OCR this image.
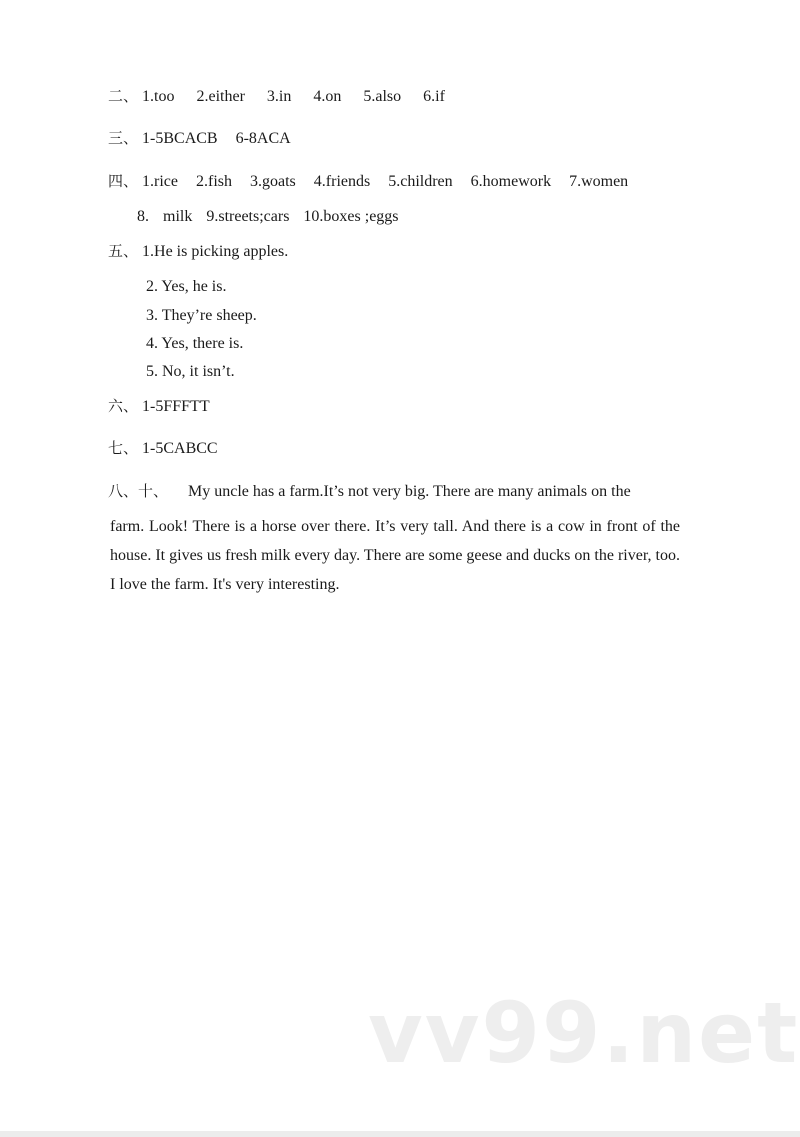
二、 1.too 2.either 3.in 4.on 5.also 6.if
三、 1-5BCACB 6-8ACA
四、 1.rice 2.fish 3.goats 4.friends 5.children 6.homework 7.women
8. milk 9.streets;cars 10.boxes ;eggs
五、 1.He is picking apples.
2. Yes, he is.
3. They’re sheep.
4. Yes, there is.
5. No, it isn’t.
六、 1-5FFFTT
七、 1-5CABCC
八、十、 My uncle has a farm.It’s not very big. There are many animals on the
farm. Look! There is a horse over there. It’s very tall. And there is a cow in front of the house. It gives us fresh milk every day. There are some geese and ducks on the river, too. I love the farm. It's very interesting.
vv99.net
